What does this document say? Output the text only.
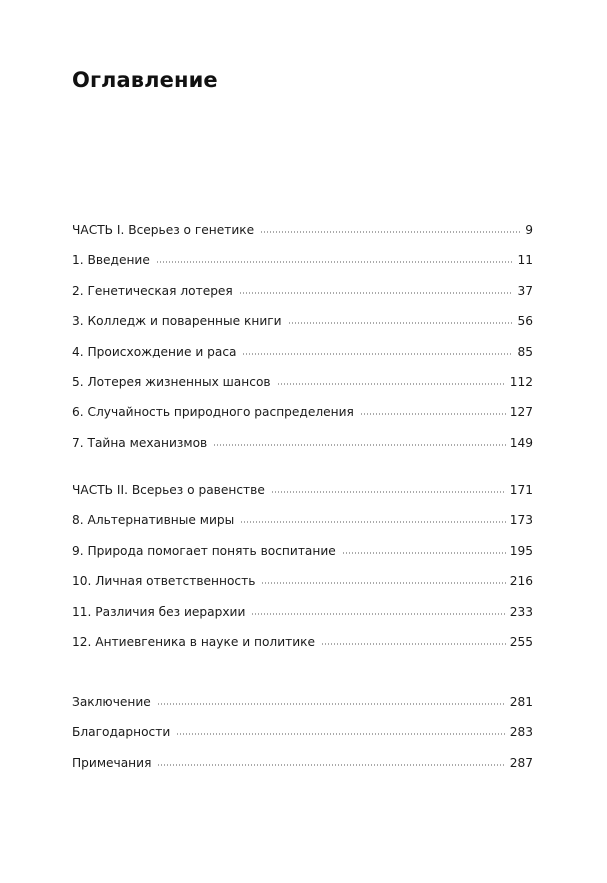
Оглавление
ЧАСТЬ I. Всерьез о генетике	9
1. Введение	11
2. Генетическая лотерея	37
3. Колледж и поваренные книги	56
4. Происхождение и раса	85
5. Лотерея жизненных шансов	112
6. Случайность природного распределения	127
7. Тайна механизмов	149
ЧАСТЬ II. Всерьез о равенстве	171
8. Альтернативные миры	173
9. Природа помогает понять воспитание	195
10. Личная ответственность	216
11. Различия без иерархии	233
12. Антиевгеника в науке и политике	255
Заключение	281
Благодарности	283
Примечания	287
